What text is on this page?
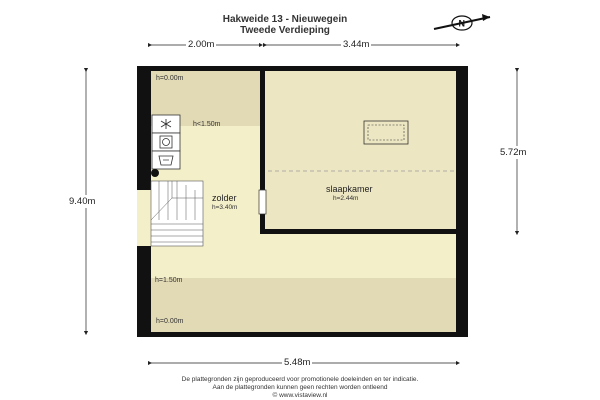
N
Hakweide 13 - Nieuwegein
Tweede Verdieping
2.00m	3.44m
9.40m
5.72m
5.48m
h=0.00m
h<1.50m
h=1.50m
h=0.00m
zolder
h=3.40m
slaapkamer
h=2.44m
De plattegronden zijn geproduceerd voor promotionele doeleinden en ter indicatie.
Aan de plattegronden kunnen geen rechten worden ontleend
© www.vistaview.nl
